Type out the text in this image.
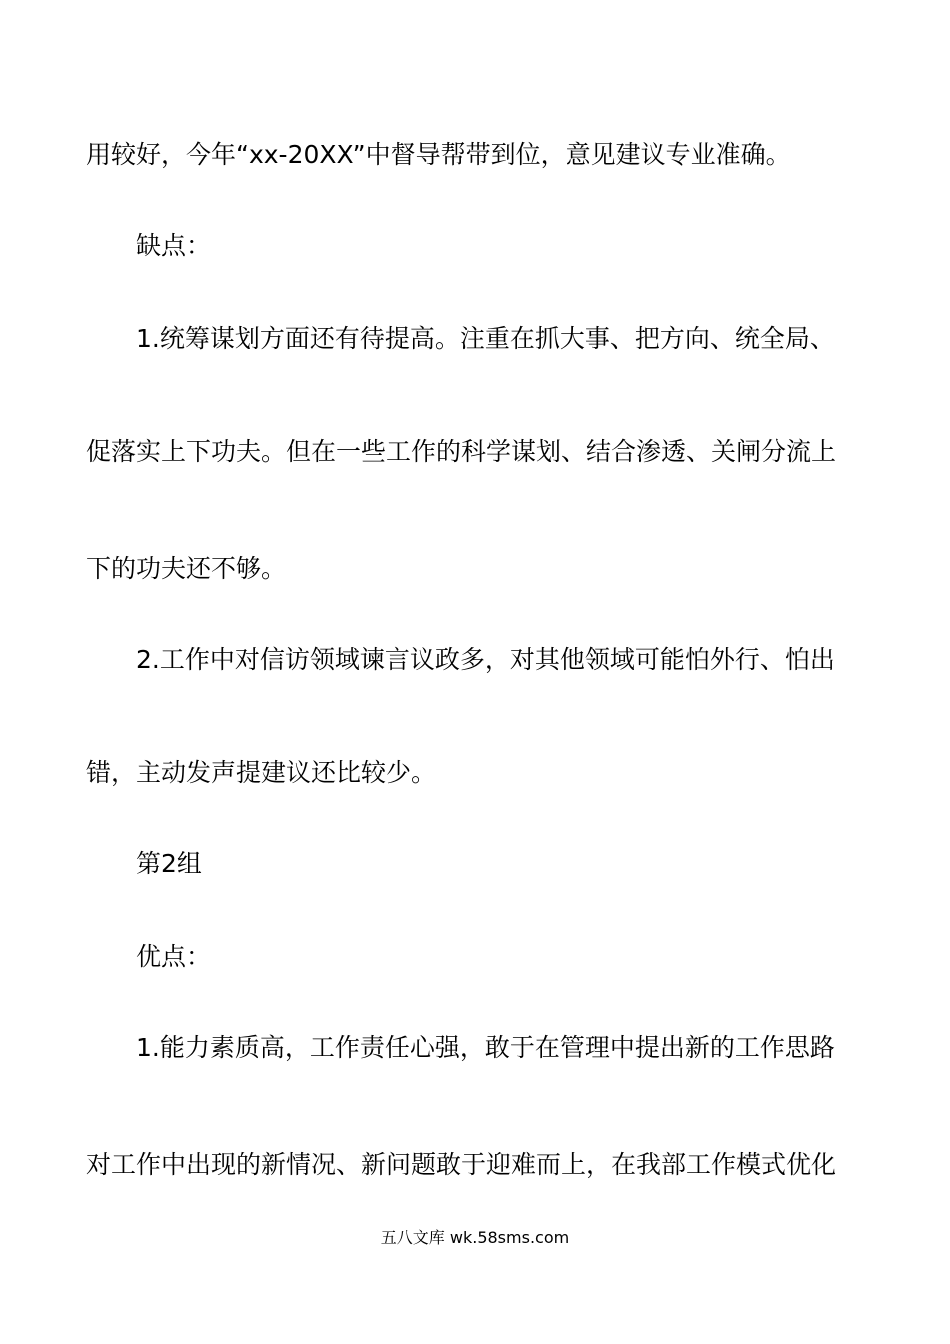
用较好，今年“xx-20XX”中督导帮带到位，意见建议专业准确。
缺点：
1.统筹谋划方面还有待提高。注重在抓大事、把方向、统全局、
促落实上下功夫。但在一些工作的科学谋划、结合渗透、关闸分流上
下的功夫还不够。
2.工作中对信访领域谏言议政多，对其他领域可能怕外行、怕出
错，主动发声提建议还比较少。
第2组
优点：
1.能力素质高，工作责任心强，敢于在管理中提出新的工作思路
对工作中出现的新情况、新问题敢于迎难而上，在我部工作模式优化
五八文库 wk.58sms.com
